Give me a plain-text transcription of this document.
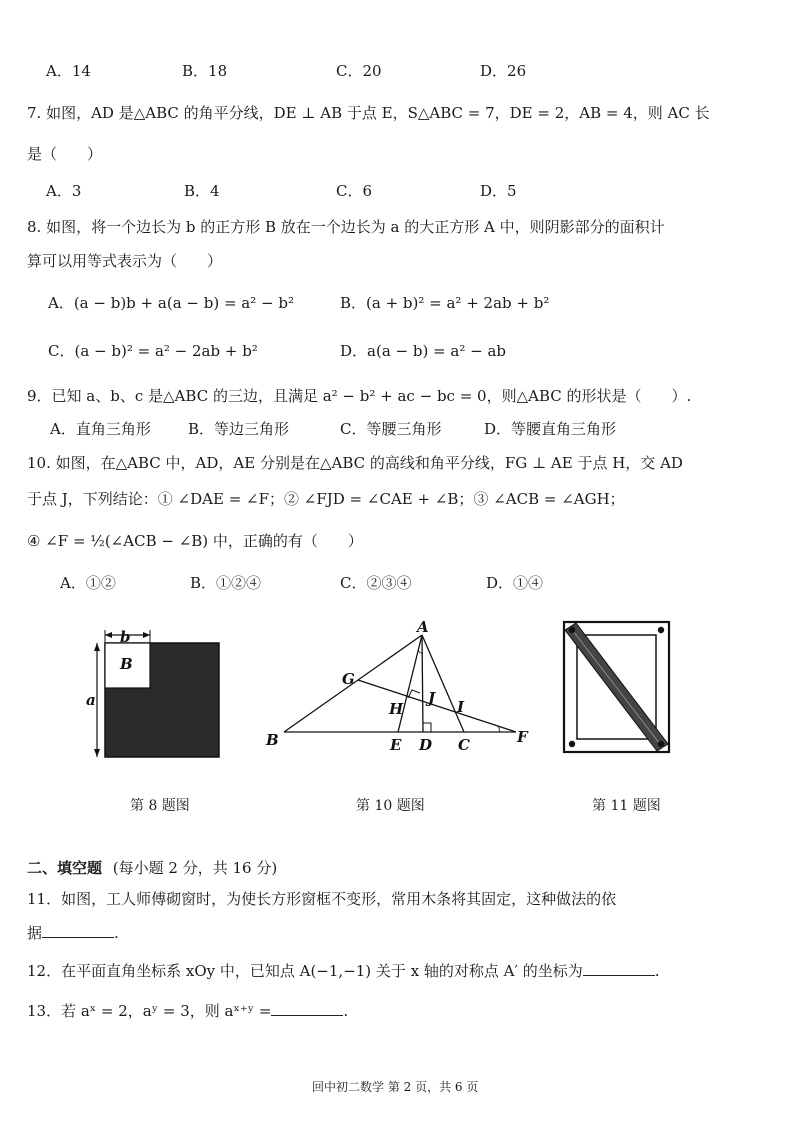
A．14	B．18	C．20	D．26
7. 如图，AD 是△ABC 的角平分线，DE ⊥ AB 于点 E，S△ABC = 7，DE = 2，AB = 4，则 AC 长
是（　　）
A．3	B．4	C．6	D．5
8. 如图，将一个边长为 b 的正方形 B 放在一个边长为 a 的大正方形 A 中，则阴影部分的面积计
算可以用等式表示为（　　）
A．(a − b)b + a(a − b) = a² − b²	B．(a + b)² = a² + 2ab + b²
C．(a − b)² = a² − 2ab + b²	D．a(a − b) = a² − ab
9．已知 a、b、c 是△ABC 的三边，且满足 a² − b² + ac − bc = 0，则△ABC 的形状是（　　）.
A．直角三角形 B．等边三角形	C．等腰三角形	D．等腰直角三角形
10. 如图，在△ABC 中，AD，AE 分别是在△ABC 的高线和角平分线，FG ⊥ AE 于点 H，交 AD
于点 J，下列结论：① ∠DAE = ∠F；② ∠FJD = ∠CAE + ∠B；③ ∠ACB = ∠AGH；
④ ∠F = ½(∠ACB − ∠B) 中，正确的有（　　）
A．①②	B．①②④	C．②③④	D．①④
b
a
B
A
B	C
D
E	F
G
H	I
J
第 8 题图	第 10 题图	第 11 题图
二、填空题 (每小题 2 分，共 16 分)
11．如图，工人师傅砌窗时，为使长方形窗框不变形，常用木条将其固定，这种做法的依
据	.
12．在平面直角坐标系 xOy 中，已知点 A(−1,−1) 关于 x 轴的对称点 A′ 的坐标为	.
13．若 aˣ = 2，aʸ = 3，则 aˣ⁺ʸ =	.
回中初二数学 第 2 页，共 6 页
